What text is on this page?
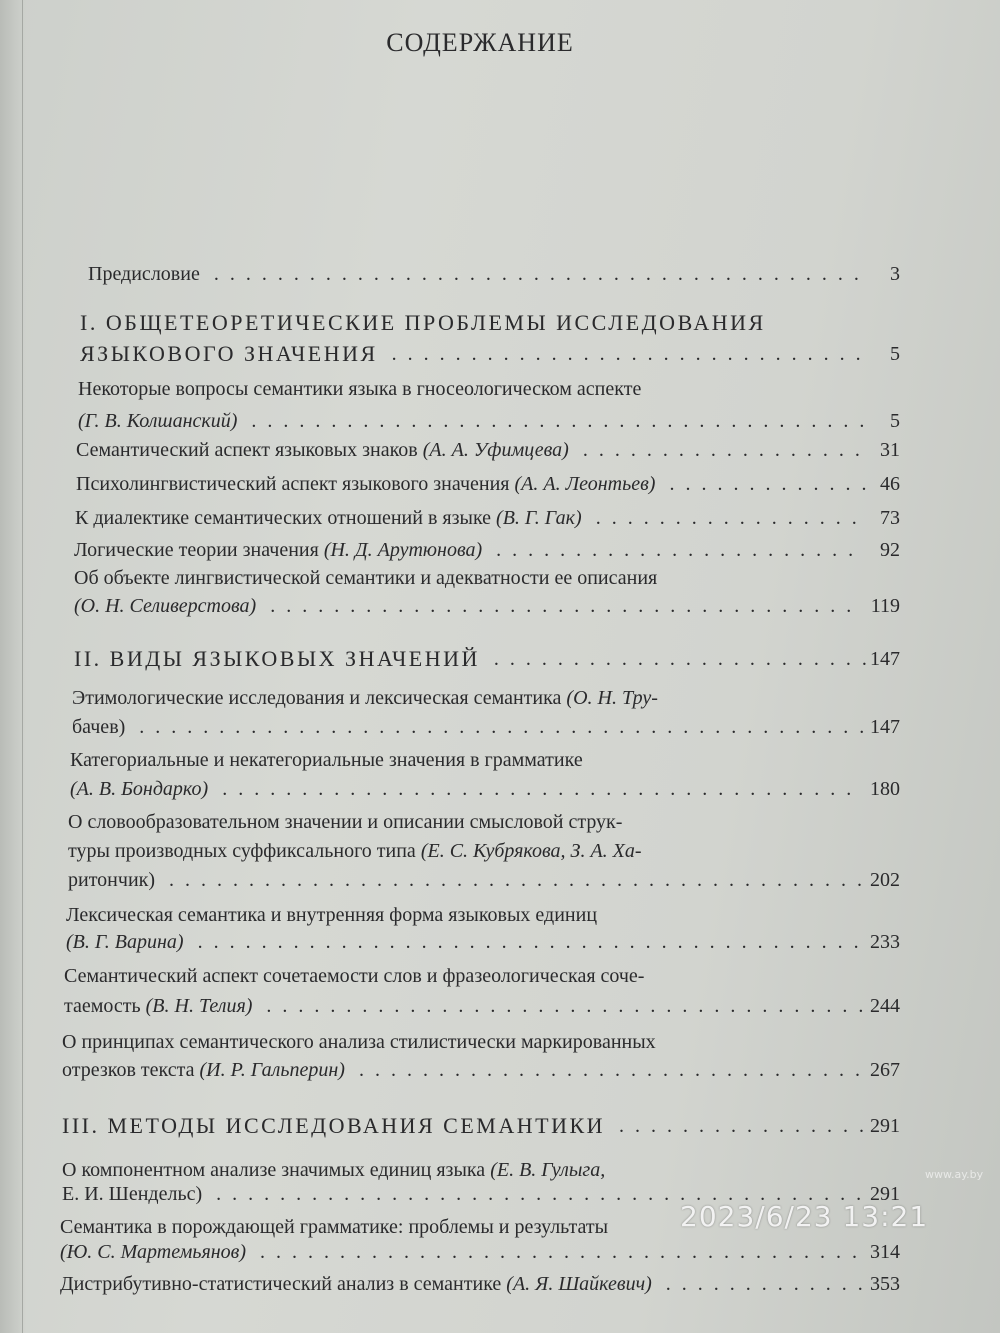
СОДЕРЖАНИЕ
Предисловие .........................................	3
I. ОБЩЕТЕОРЕТИЧЕСКИЕ ПРОБЛЕМЫ ИССЛЕДОВАНИЯ
ЯЗЫКОВОГО ЗНАЧЕНИЯ .............................. 5
Некоторые вопросы семантики языка в гносеологическом аспекте
(Г. В. Колшанский) ....................................... 5
Семантический аспект языковых знаков (А. А. Уфимцева) .................. 31
Психолингвистический аспект языкового значения (А. А. Леонтьев) ............. 46
К диалектике семантических отношений в языке (В. Г. Гак) ................. 73
Логические теории значения (Н. Д. Арутюнова) ....................... 92
Об объекте лингвистической семантики и адекватности ее описания
(О. Н. Селиверстова) ..................................... 119
II. ВИДЫ ЯЗЫКОВЫХ ЗНАЧЕНИЙ ........................
147
Этимологические исследования и лексическая семантика (О. Н. Тру-
бачев) ..............................................
147
Категориальные и некатегориальные значения в грамматике
(А. В. Бондарко) ........................................ 180
О словообразовательном значении и описании смысловой струк-
туры производных суффиксального типа (Е. С. Кубрякова, З. А. Ха-
ритончик) ............................................
202
Лексическая семантика и внутренняя форма языковых единиц
(В. Г. Варина) .......................................... 233
Семантический аспект сочетаемости слов и фразеологическая соче-
таемость (В. Н. Телия) ......................................
244
О принципах семантического анализа стилистически маркированных
отрезков текста (И. Р. Гальперин) ................................ 267
III. МЕТОДЫ ИССЛЕДОВАНИЯ СЕМАНТИКИ ................
291
О компонентном анализе значимых единиц языка (Е. В. Гулыга,
Е. И. Шендельс) .........................................
291
Семантика в порождающей грамматике: проблемы и результаты
(Ю. С. Мартемьянов) ...................................... 314
Дистрибутивно-статистический анализ в семантике (А. Я. Шайкевич) .............
353
2023/6/23 13:21
www.ay.by
